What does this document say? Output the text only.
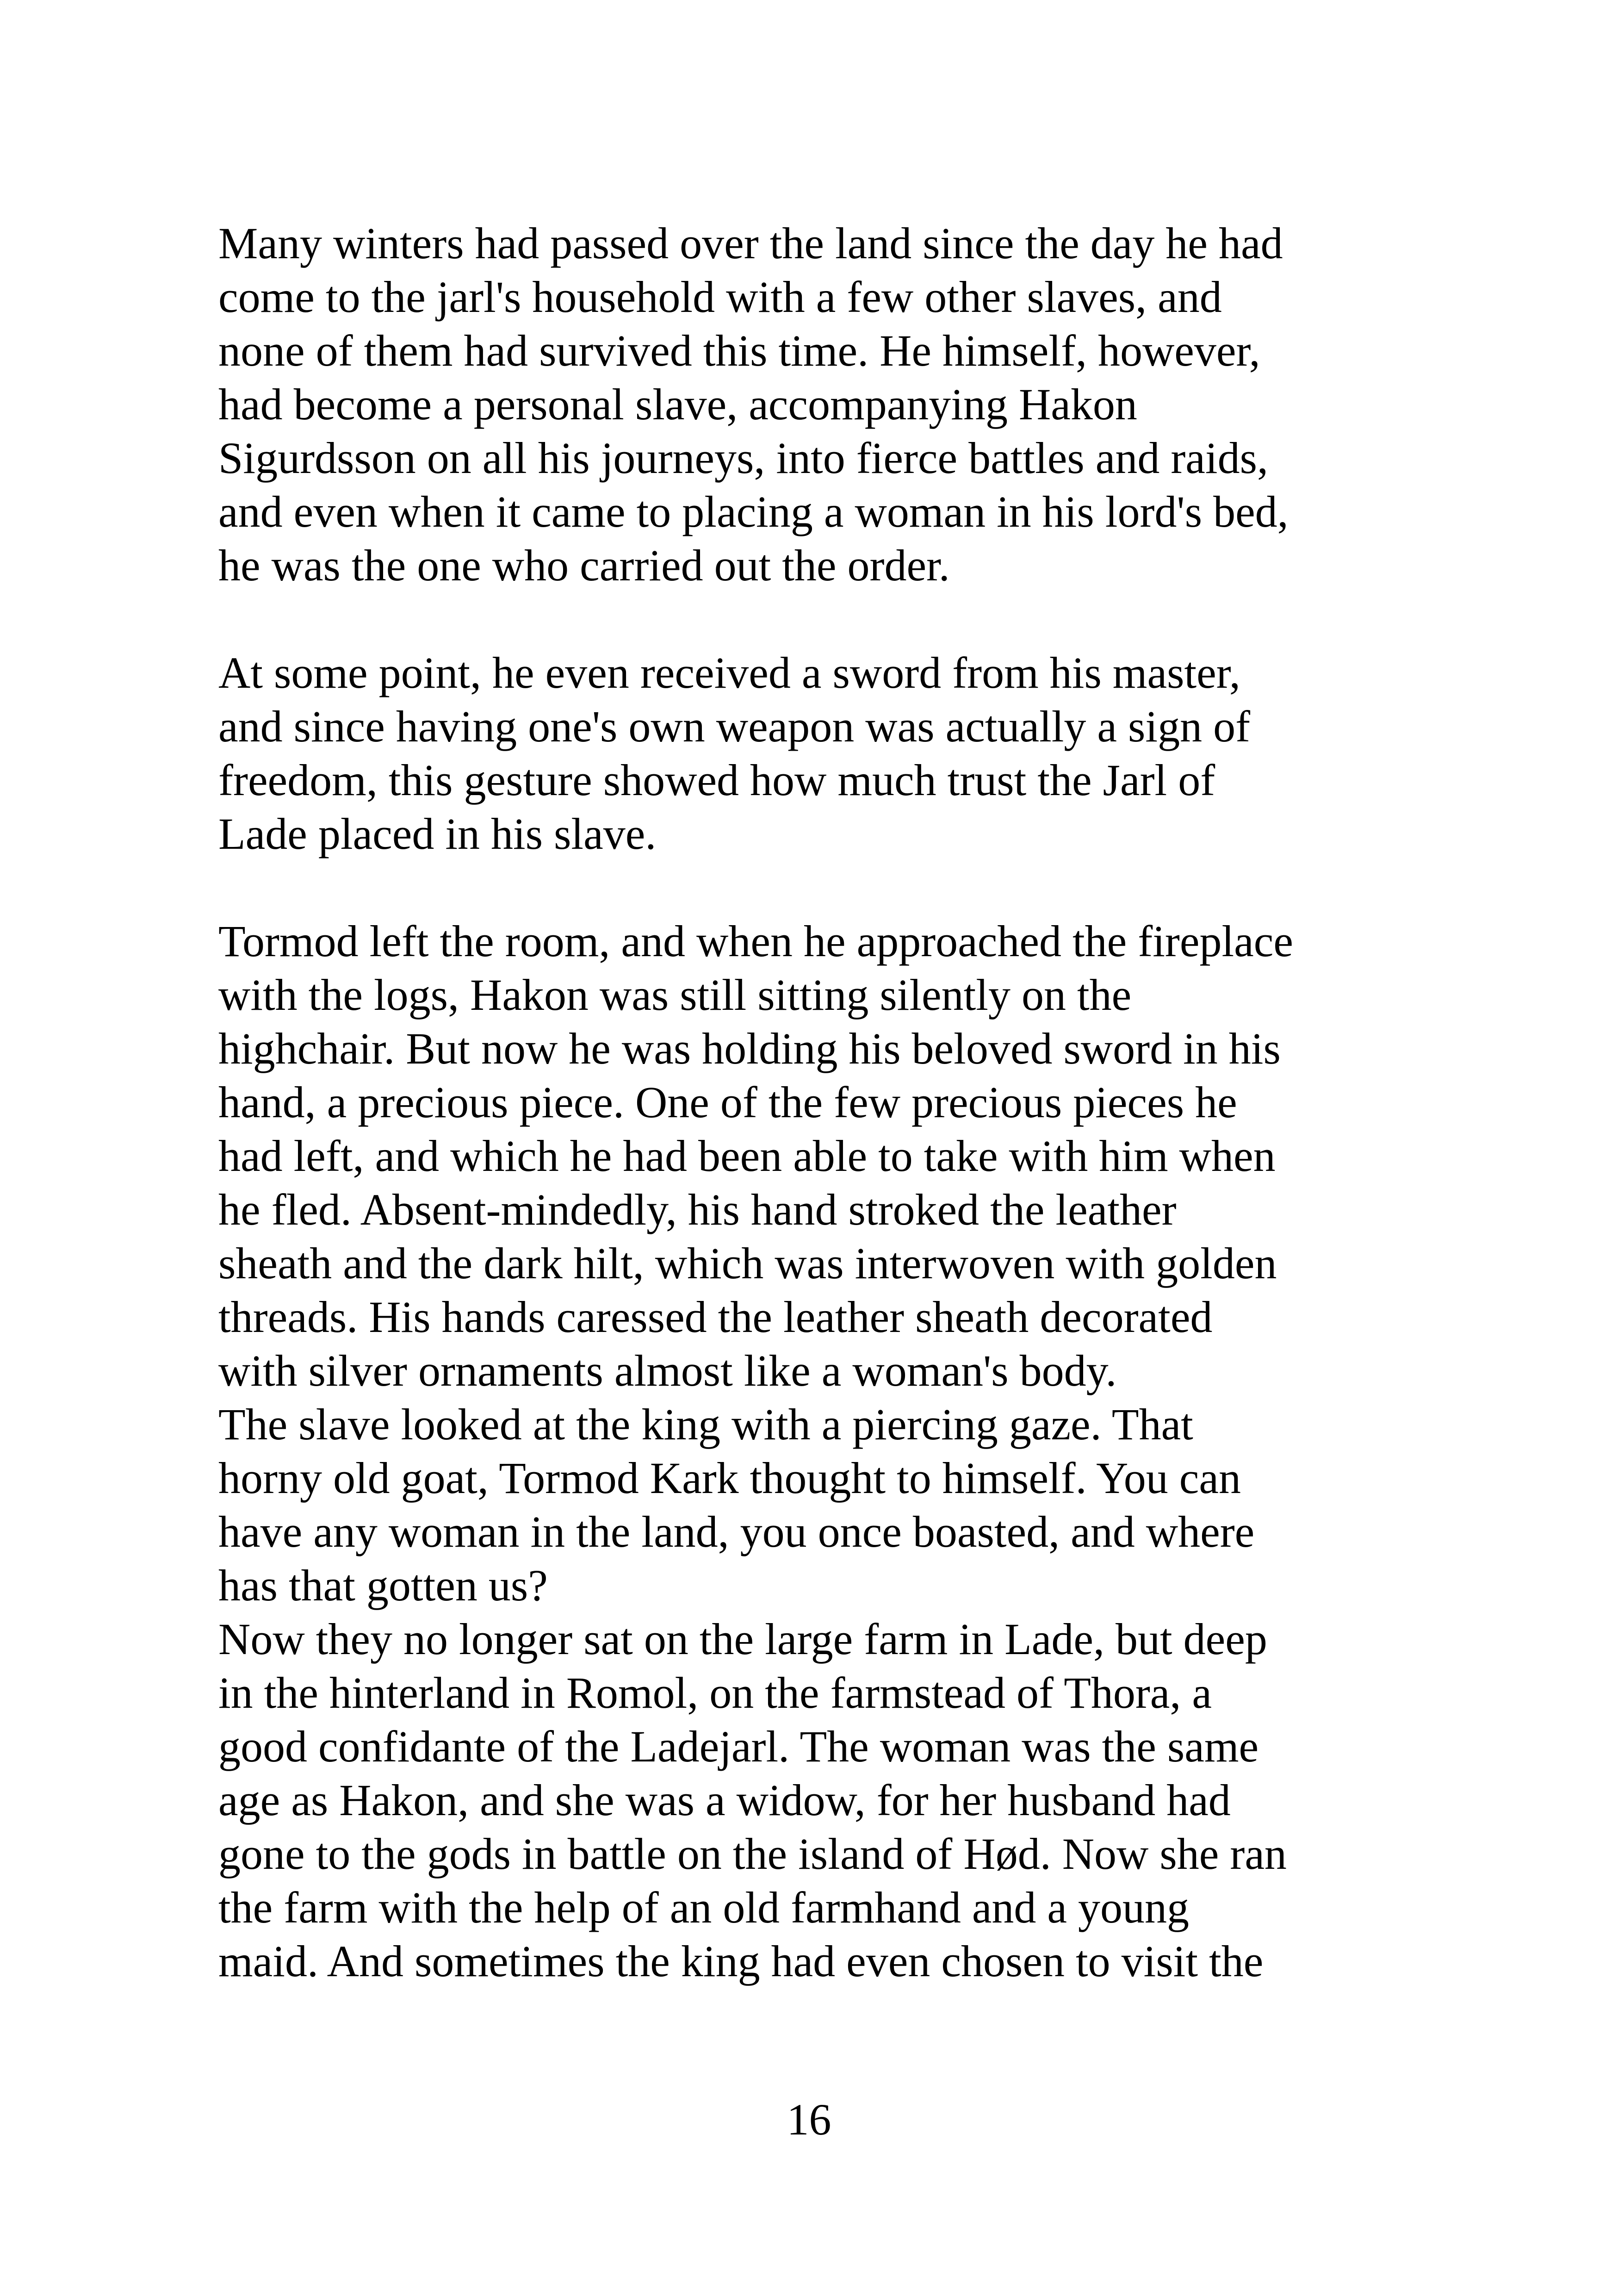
Many winters had passed over the land since the day he had
come to the jarl's household with a few other slaves, and
none of them had survived this time. He himself, however,
had become a personal slave, accompanying Hakon
Sigurdsson on all his journeys, into fierce battles and raids,
and even when it came to placing a woman in his lord's bed,
he was the one who carried out the order.
At some point, he even received a sword from his master,
and since having one's own weapon was actually a sign of
freedom, this gesture showed how much trust the Jarl of
Lade placed in his slave.
Tormod left the room, and when he approached the fireplace
with the logs, Hakon was still sitting silently on the
highchair. But now he was holding his beloved sword in his
hand, a precious piece. One of the few precious pieces he
had left, and which he had been able to take with him when
he fled. Absent-mindedly, his hand stroked the leather
sheath and the dark hilt, which was interwoven with golden
threads. His hands caressed the leather sheath decorated
with silver ornaments almost like a woman's body.
The slave looked at the king with a piercing gaze. That
horny old goat, Tormod Kark thought to himself. You can
have any woman in the land, you once boasted, and where
has that gotten us?
Now they no longer sat on the large farm in Lade, but deep
in the hinterland in Romol, on the farmstead of Thora, a
good confidante of the Ladejarl. The woman was the same
age as Hakon, and she was a widow, for her husband had
gone to the gods in battle on the island of Hød. Now she ran
the farm with the help of an old farmhand and a young
maid. And sometimes the king had even chosen to visit the
16
